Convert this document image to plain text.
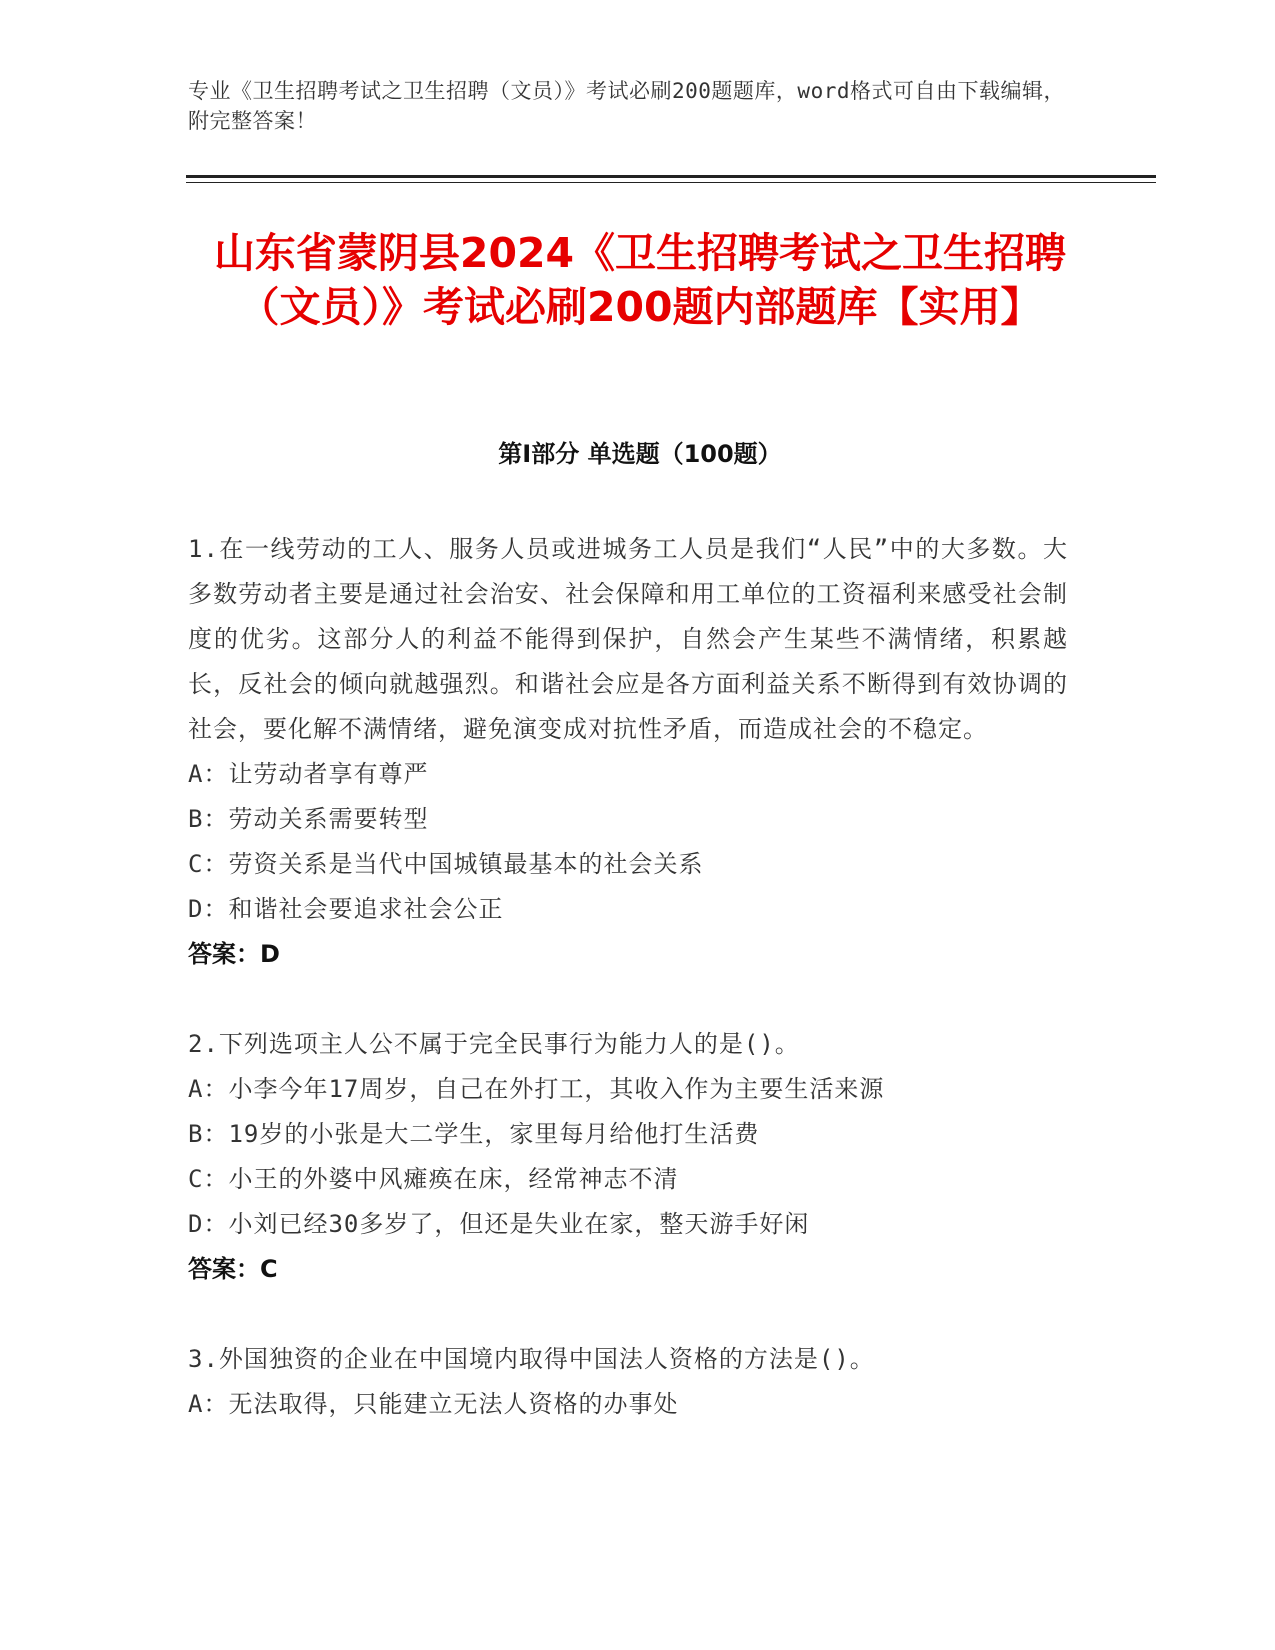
专业《卫生招聘考试之卫生招聘（文员）》考试必刷200题题库，word格式可自由下载编辑，附完整答案！
山东省蒙阴县2024《卫生招聘考试之卫生招聘（文员）》考试必刷200题内部题库【实用】
第I部分 单选题（100题）

1.在一线劳动的工人、服务人员或进城务工人员是我们“人民”中的大多数。大多数劳动者主要是通过社会治安、社会保障和用工单位的工资福利来感受社会制度的优劣。这部分人的利益不能得到保护，自然会产生某些不满情绪，积累越长，反社会的倾向就越强烈。和谐社会应是各方面利益关系不断得到有效协调的社会，要化解不满情绪，避免演变成对抗性矛盾，而造成社会的不稳定。

A：让劳动者享有尊严

B：劳动关系需要转型

C：劳资关系是当代中国城镇最基本的社会关系

D：和谐社会要追求社会公正

答案：D

2.下列选项主人公不属于完全民事行为能力人的是()。

A：小李今年17周岁，自己在外打工，其收入作为主要生活来源

B：19岁的小张是大二学生，家里每月给他打生活费

C：小王的外婆中风瘫痪在床，经常神志不清

D：小刘已经30多岁了，但还是失业在家，整天游手好闲

答案：C

3.外国独资的企业在中国境内取得中国法人资格的方法是()。

A：无法取得，只能建立无法人资格的办事处
